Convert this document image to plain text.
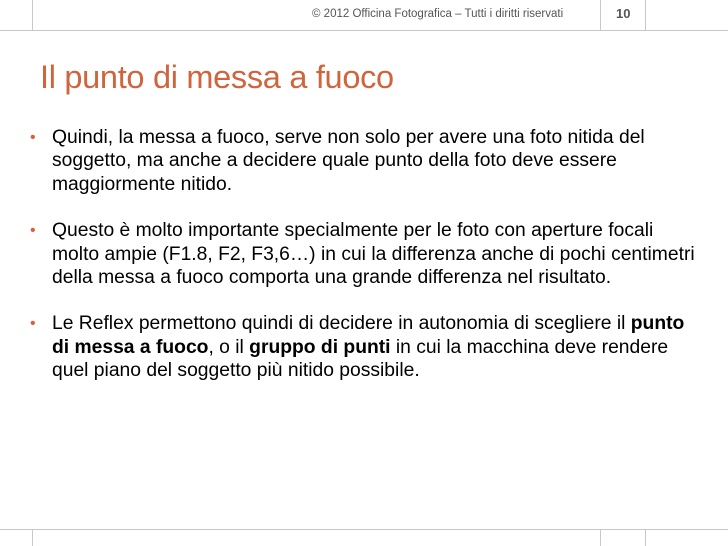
© 2012 Officina Fotografica – Tutti i diritti riservati	10
Il punto di messa a fuoco
• Quindi, la messa a fuoco, serve non solo per avere una foto nitida del soggetto, ma anche a decidere quale punto della foto deve essere maggiormente nitido.
• Questo è molto importante specialmente per le foto con aperture focali molto ampie (F1.8, F2, F3,6…) in cui la differenza anche di pochi centimetri della messa a fuoco comporta una grande differenza nel risultato.
• Le Reflex permettono quindi di decidere in autonomia di scegliere il punto di messa a fuoco, o il gruppo di punti in cui la macchina deve rendere quel piano del soggetto più nitido possibile.
